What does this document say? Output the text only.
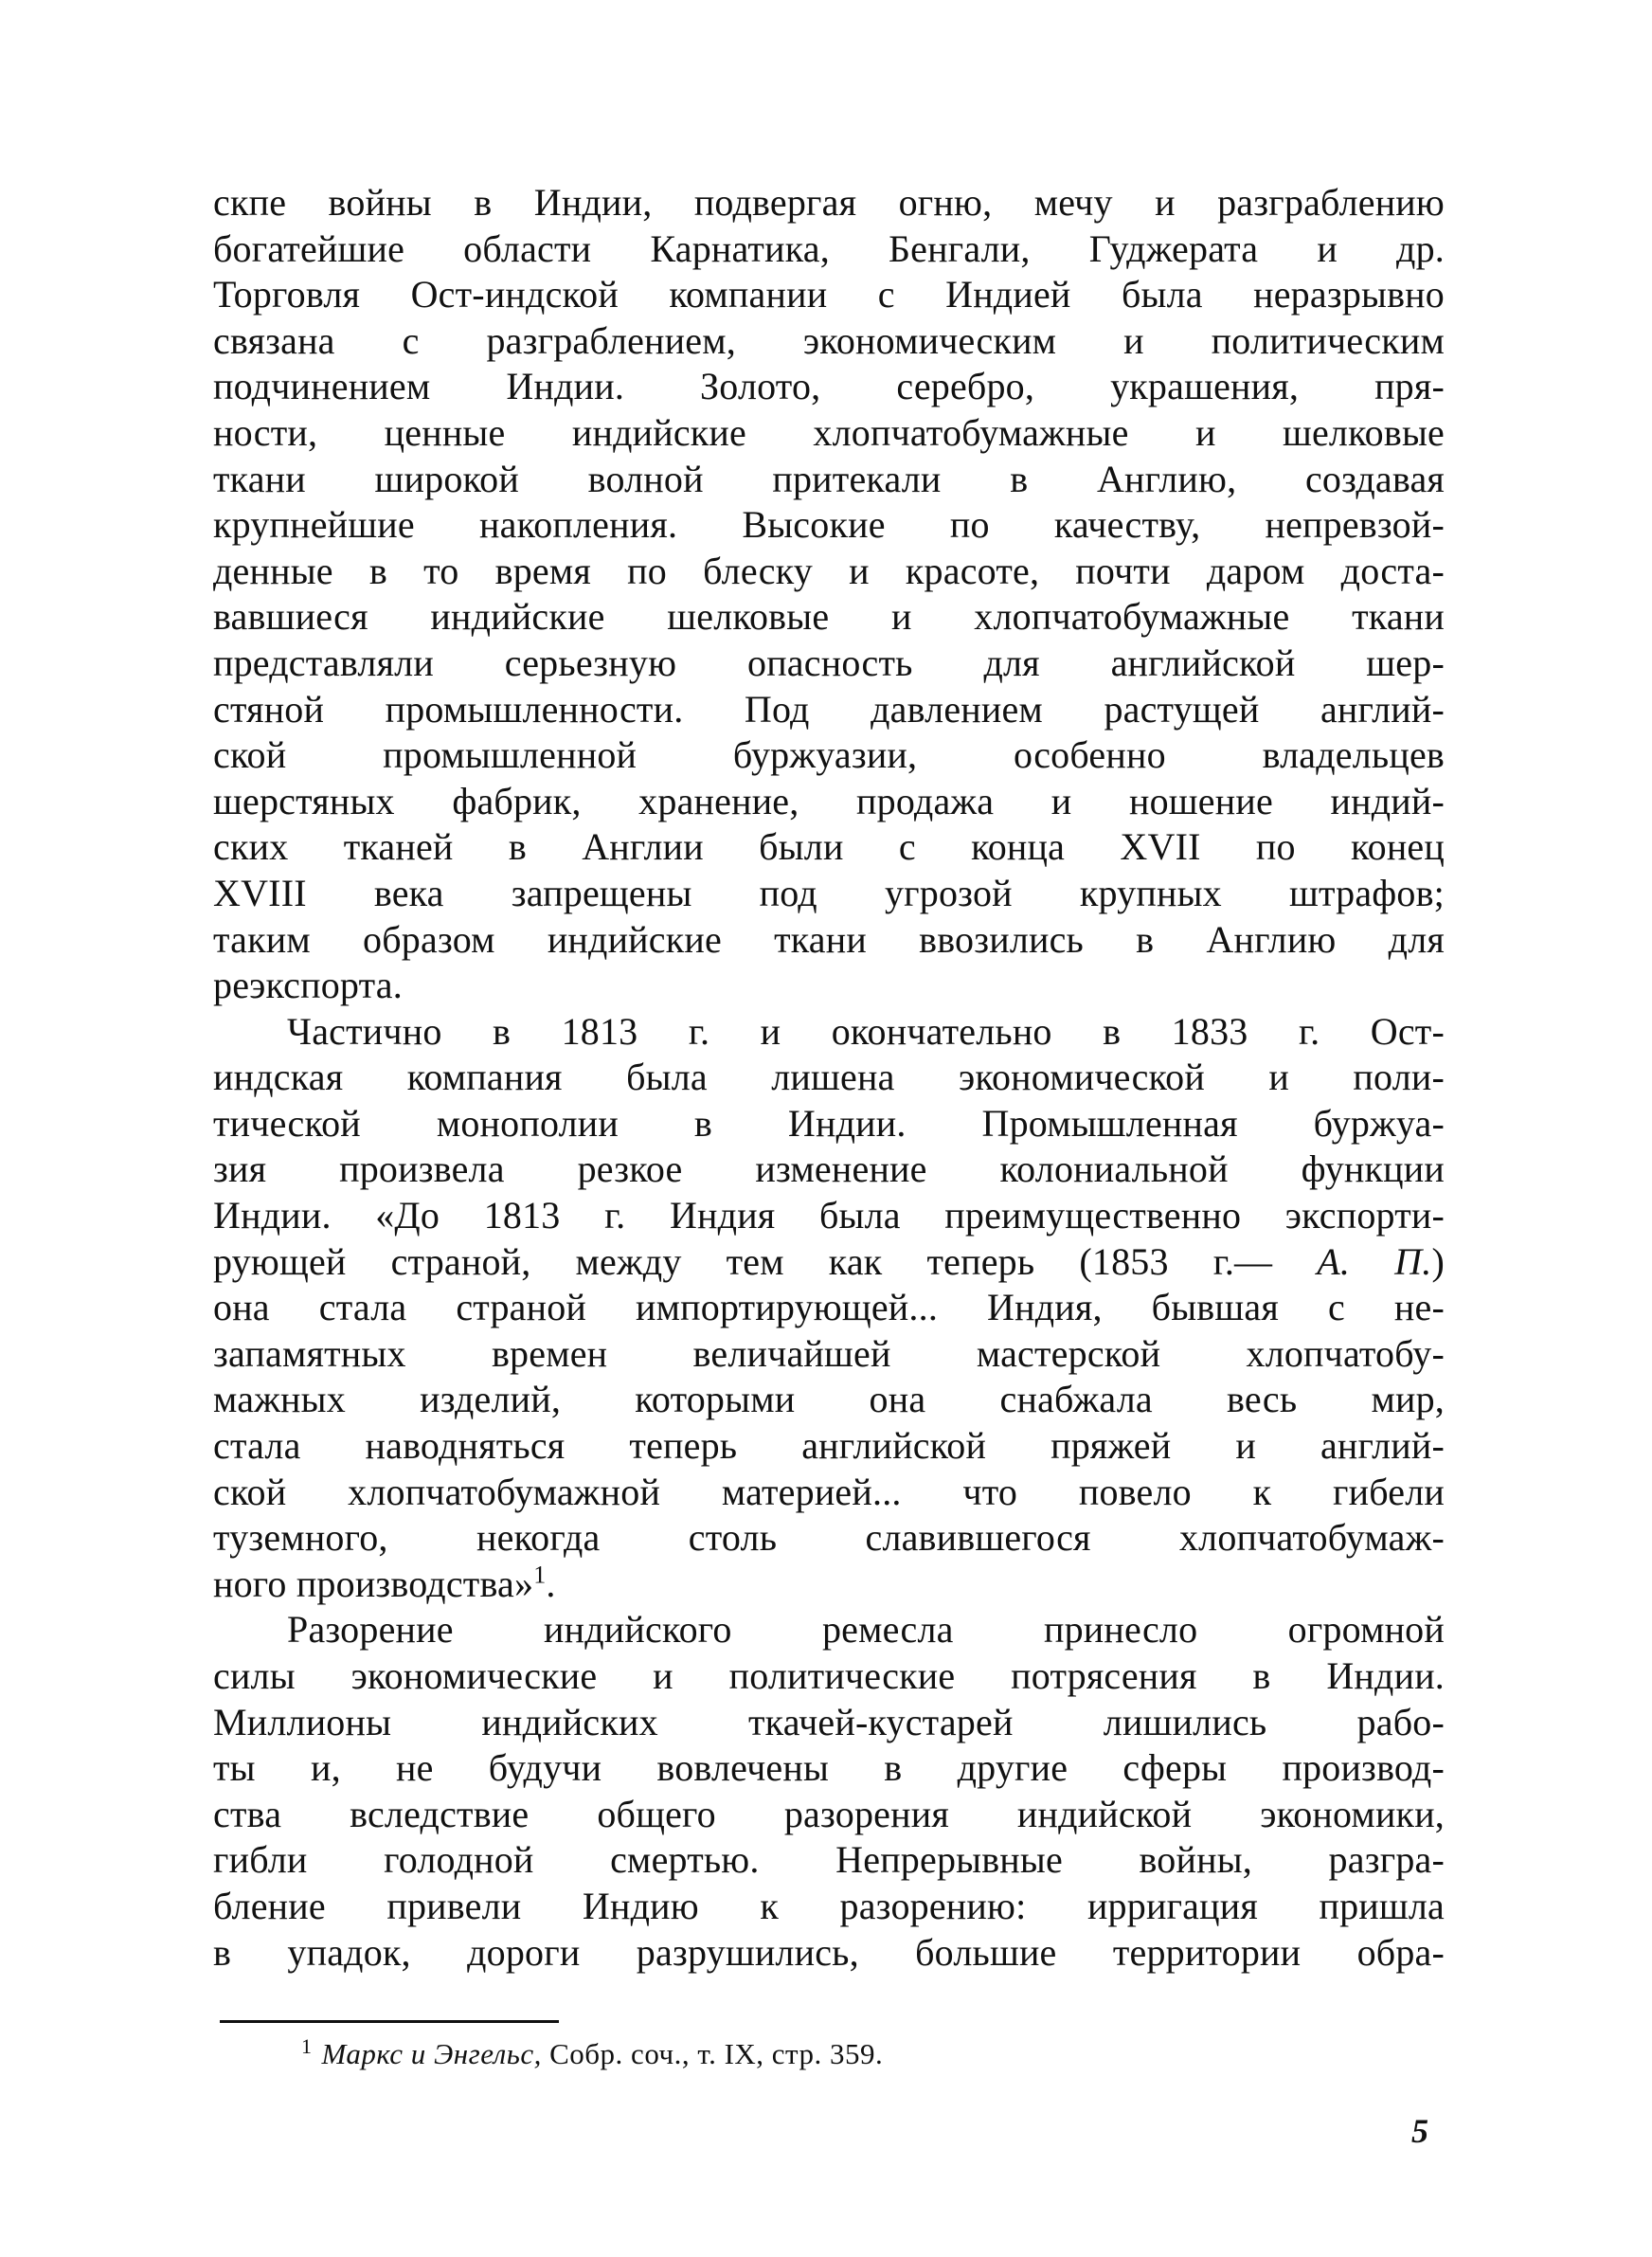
скпе войны в Индии, подвергая огню, мечу и разграблению
богатейшие области Карнатика, Бенгали, Гуджерата и др.
Торговля Ост-индской компании с Индией была неразрывно
связана с разграблением, экономическим и политическим
подчинением Индии. Золото, серебро, украшения, пря-
ности, ценные индийские хлопчатобумажные и шелковые
ткани широкой волной притекали в Англию, создавая
крупнейшие накопления. Высокие по качеству, непревзой-
денные в то время по блеску и красоте, почти даром доста-
вавшиеся индийские шелковые и хлопчатобумажные ткани
представляли серьезную опасность для английской шер-
стяной промышленности. Под давлением растущей англий-
ской промышленной буржуазии, особенно владельцев
шерстяных фабрик, хранение, продажа и ношение индий-
ских тканей в Англии были с конца XVII по конец
XVIII века запрещены под угрозой крупных штрафов;
таким образом индийские ткани ввозились в Англию для
реэкспорта.
Частично в 1813 г. и окончательно в 1833 г. Ост-
индская компания была лишена экономической и поли-
тической монополии в Индии. Промышленная буржуа-
зия произвела резкое изменение колониальной функции
Индии. «До 1813 г. Индия была преимущественно экспорти-
рующей страной, между тем как теперь (1853 г.— А. П.)
она стала страной импортирующей... Индия, бывшая с не-
запамятных времен величайшей мастерской хлопчатобу-
мажных изделий, которыми она снабжала весь мир,
стала наводняться теперь английской пряжей и англий-
ской хлопчатобумажной материей... что повело к гибели
туземного, некогда столь славившегося хлопчатобумаж-
ного производства»$^1$.
Разорение индийского ремесла принесло огромной
силы экономические и политические потрясения в Индии.
Миллионы индийских ткачей-кустарей лишились рабо-
ты и, не будучи вовлечены в другие сферы производ-
ства вследствие общего разорения индийской экономики,
гибли голодной смертью. Непрерывные войны, разгра-
бление привели Индию к разорению: ирригация пришла
в упадок, дороги разрушились, большие территории обра-
$^1$ Маркс и Энгельс, Собр. соч., т. IX, стр. 359.
5
